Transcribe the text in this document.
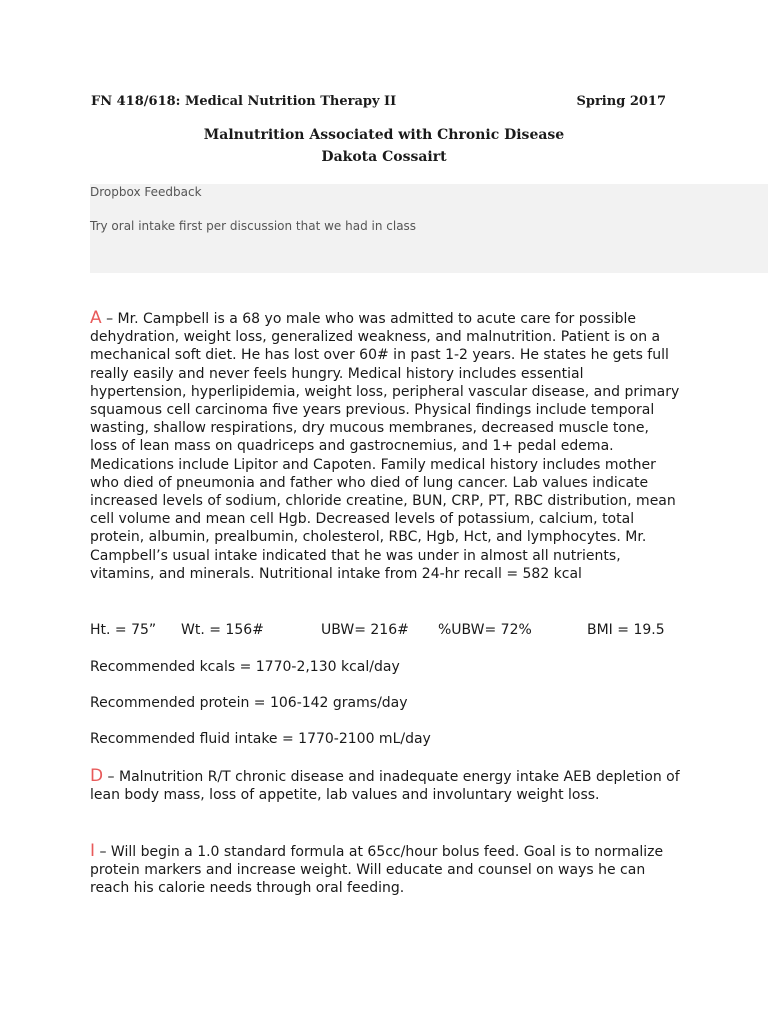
FN 418/618: Medical Nutrition Therapy II	Spring 2017
Malnutrition Associated with Chronic Disease
Dakota Cossairt
Dropbox Feedback
Try oral intake first per discussion that we had in class
A – Mr. Campbell is a 68 yo male who was admitted to acute care for possible dehydration, weight loss, generalized weakness, and malnutrition. Patient is on a mechanical soft diet. He has lost over 60# in past 1-2 years. He states he gets full really easily and never feels hungry. Medical history includes essential hypertension, hyperlipidemia, weight loss, peripheral vascular disease, and primary squamous cell carcinoma five years previous. Physical findings include temporal wasting, shallow respirations, dry mucous membranes, decreased muscle tone, loss of lean mass on quadriceps and gastrocnemius, and 1+ pedal edema. Medications include Lipitor and Capoten. Family medical history includes mother who died of pneumonia and father who died of lung cancer. Lab values indicate increased levels of sodium, chloride creatine, BUN, CRP, PT, RBC distribution, mean cell volume and mean cell Hgb. Decreased levels of potassium, calcium, total protein, albumin, prealbumin, cholesterol, RBC, Hgb, Hct, and lymphocytes. Mr. Campbell’s usual intake indicated that he was under in almost all nutrients, vitamins, and minerals. Nutritional intake from 24-hr recall = 582 kcal
Ht. = 75” Wt. = 156#	UBW= 216# %UBW= 72%	BMI = 19.5
Recommended kcals = 1770-2,130 kcal/day
Recommended protein = 106-142 grams/day
Recommended fluid intake = 1770-2100 mL/day
D – Malnutrition R/T chronic disease and inadequate energy intake AEB depletion of lean body mass, loss of appetite, lab values and involuntary weight loss.
I – Will begin a 1.0 standard formula at 65cc/hour bolus feed. Goal is to normalize protein markers and increase weight. Will educate and counsel on ways he can reach his calorie needs through oral feeding.
